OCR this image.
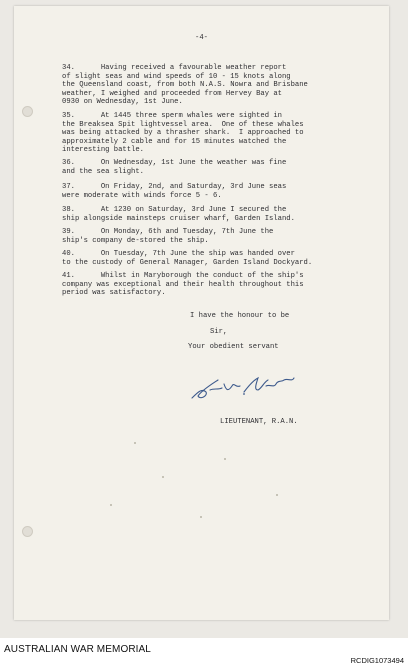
-4-
34.      Having received a favourable weather report
of slight seas and wind speeds of 10 - 15 knots along
the Queensland coast, from both N.A.S. Nowra and Brisbane
weather, I weighed and proceeded from Hervey Bay at
0930 on Wednesday, 1st June.
35.      At 1445 three sperm whales were sighted in
the Breaksea Spit lightvessel area.  One of these whales
was being attacked by a thrasher shark.  I approached to
approximately 2 cable and for 15 minutes watched the
interesting battle.
36.      On Wednesday, 1st June the weather was fine
and the sea slight.
37.      On Friday, 2nd, and Saturday, 3rd June seas
were moderate with winds force 5 - 6.
38.      At 1230 on Saturday, 3rd June I secured the
ship alongside mainsteps cruiser wharf, Garden Island.
39.      On Monday, 6th and Tuesday, 7th June the
ship's company de-stored the ship.
40.      On Tuesday, 7th June the ship was handed over
to the custody of General Manager, Garden Island Dockyard.
41.      Whilst in Maryborough the conduct of the ship's
company was exceptional and their health throughout this
period was satisfactory.
I have the honour to be
Sir,
Your obedient servant
LIEUTENANT, R.A.N.
AUSTRALIAN WAR MEMORIAL
RCDIG1073494
